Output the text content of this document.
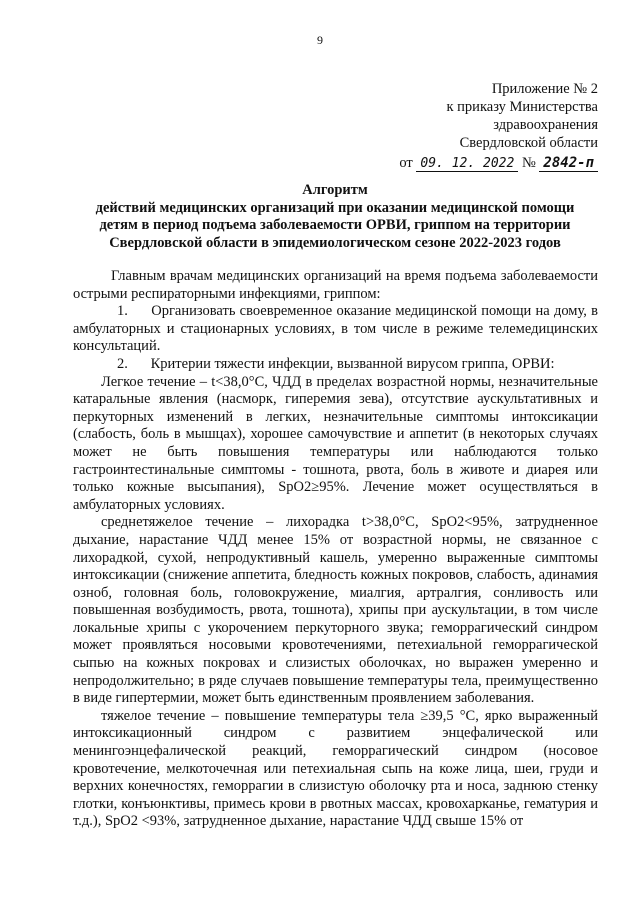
9
Приложение № 2
к приказу Министерства
здравоохранения
Свердловской области
от 09. 12. 2022 № 2842-п
Алгоритм
действий медицинских организаций при оказании медицинской помощи
детям в период подъема заболеваемости ОРВИ, гриппом на территории
Свердловской области в эпидемиологическом сезоне 2022-2023 годов

Главным врачам медицинских организаций на время подъема заболеваемости острыми респираторными инфекциями, гриппом:

1. Организовать своевременное оказание медицинской помощи на дому, в амбулаторных и стационарных условиях, в том числе в режиме телемедицинских консультаций.

2. Критерии тяжести инфекции, вызванной вирусом гриппа, ОРВИ:

Легкое течение – t<38,0°С, ЧДД в пределах возрастной нормы, незначительные катаральные явления (насморк, гиперемия зева), отсутствие аускультативных и перкуторных изменений в легких, незначительные симптомы интоксикации (слабость, боль в мышцах), хорошее самочувствие и аппетит (в некоторых случаях может не быть повышения температуры или наблюдаются только гастроинтестинальные симптомы - тошнота, рвота, боль в животе и диарея или только кожные высыпания), SpO2≥95%. Лечение может осуществляться в амбулаторных условиях.

среднетяжелое течение – лихорадка t>38,0°С, SpO2<95%, затрудненное дыхание, нарастание ЧДД менее 15% от возрастной нормы, не связанное с лихорадкой, сухой, непродуктивный кашель, умеренно выраженные симптомы интоксикации (снижение аппетита, бледность кожных покровов, слабость, адинамия озноб, головная боль, головокружение, миалгия, артралгия, сонливость или повышенная возбудимость, рвота, тошнота), хрипы при аускультации, в том числе локальные хрипы с укорочением перкуторного звука; геморрагический синдром может проявляться носовыми кровотечениями, петехиальной геморрагической сыпью на кожных покровах и слизистых оболочках, но выражен умеренно и непродолжительно; в ряде случаев повышение температуры тела, преимущественно в виде гипертермии, может быть единственным проявлением заболевания.

тяжелое течение – повышение температуры тела ≥39,5 °С, ярко выраженный интоксикационный синдром с развитием энцефалической или менингоэнцефалической реакций, геморрагический синдром (носовое кровотечение, мелкоточечная или петехиальная сыпь на коже лица, шеи, груди и верхних конечностях, геморрагии в слизистую оболочку рта и носа, заднюю стенку глотки, конъюнктивы, примесь крови в рвотных массах, кровохарканье, гематурия и т.д.), SpO2 <93%, затрудненное дыхание, нарастание ЧДД свыше 15% от
